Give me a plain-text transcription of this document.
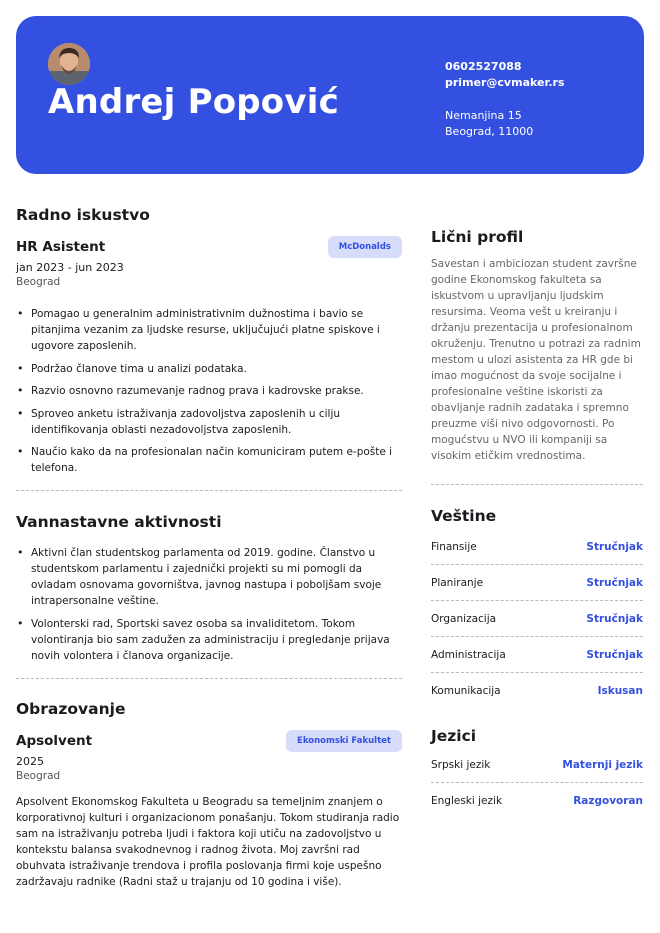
Andrej Popović
0602527088
primer@cvmaker.rs
Nemanjina 15
Beograd, 11000
Radno iskustvo
HR Asistent	McDonalds
jan 2023 - jun 2023
Beograd
• Pomagao u generalnim administrativnim dužnostima i bavio se pitanjima vezanim za ljudske resurse, uključujući platne spiskove i ugovore zaposlenih.
• Podržao članove tima u analizi podataka.
• Razvio osnovno razumevanje radnog prava i kadrovske prakse.
• Sproveo anketu istraživanja zadovoljstva zaposlenih u cilju identifikovanja oblasti nezadovoljstva zaposlenih.
• Naučio kako da na profesionalan način komuniciram putem e-pošte i telefona.
Vannastavne aktivnosti
• Aktivni član studentskog parlamenta od 2019. godine. Članstvo u studentskom parlamentu i zajednički projekti su mi pomogli da ovladam osnovama govorništva, javnog nastupa i poboljšam svoje intrapersonalne veštine.
• Volonterski rad, Sportski savez osoba sa invaliditetom. Tokom volontiranja bio sam zadužen za administraciju i pregledanje prijava novih volontera i članova organizacije.
Obrazovanje
Apsolvent	Ekonomski Fakultet
2025
Beograd
Apsolvent Ekonomskog Fakulteta u Beogradu sa temeljnim znanjem o korporativnoj kulturi i organizacionom ponašanju. Tokom studiranja radio sam na istraživanju potreba ljudi i faktora koji utiču na zadovoljstvo u kontekstu balansa svakodnevnog i radnog života. Moj završni rad obuhvata istraživanje trendova i profila poslovanja firmi koje uspešno zadržavaju radnike (Radni staž u trajanju od 10 godina i više).
Lični profil
Savestan i ambiciozan student završne godine Ekonomskog fakulteta sa iskustvom u upravljanju ljudskim resursima. Veoma vešt u kreiranju i držanju prezentacija u profesionalnom okruženju. Trenutno u potrazi za radnim mestom u ulozi asistenta za HR gde bi imao mogućnost da svoje socijalne i profesionalne veštine iskoristi za obavljanje radnih zadataka i spremno preuzme viši nivo odgovornosti. Po mogućstvu u NVO ili kompaniji sa visokim etičkim vrednostima.
Veštine
Finansije	Stručnjak
Planiranje	Stručnjak
Organizacija	Stručnjak
Administracija	Stručnjak
Komunikacija	Iskusan
Jezici
Srpski jezik	Maternji jezik
Engleski jezik	Razgovoran
